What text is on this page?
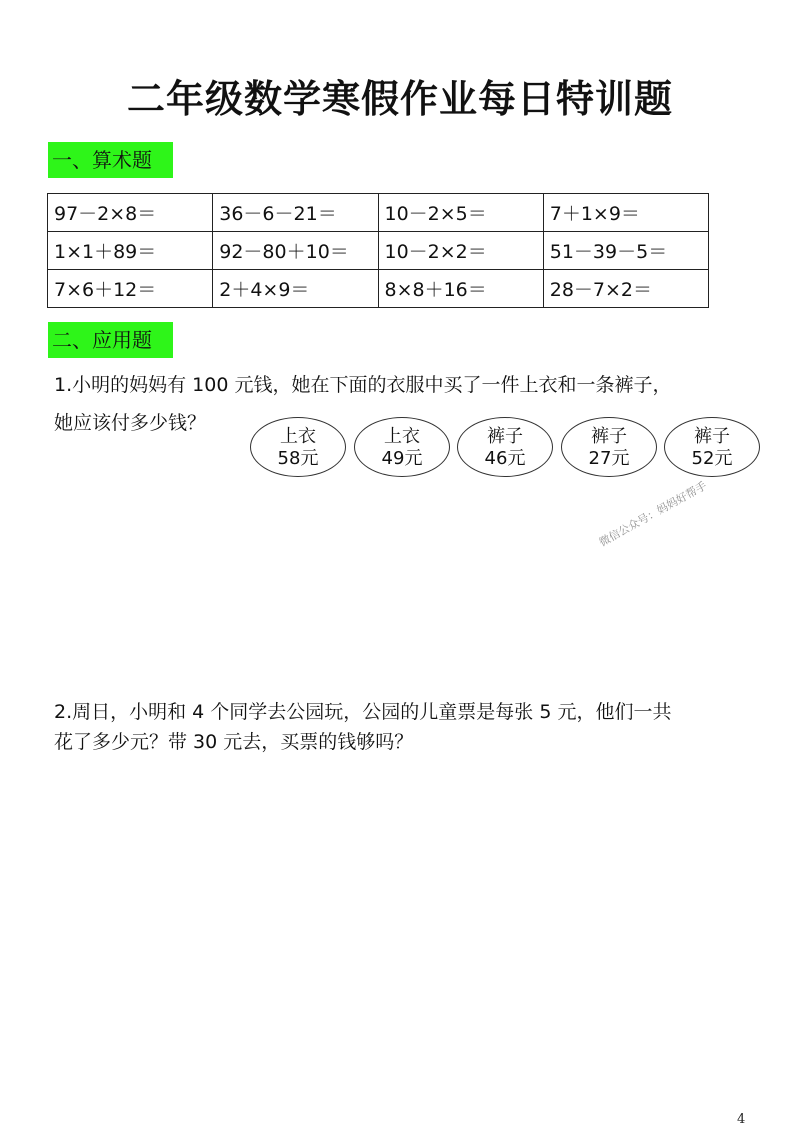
二年级数学寒假作业每日特训题
一、算术题
97－2×8＝	36－6－21＝	10－2×5＝	7＋1×9＝
1×1＋89＝	92－80＋10＝	10－2×2＝	51－39－5＝
7×6＋12＝	2＋4×9＝	8×8＋16＝	28－7×2＝
二、应用题
1.小明的妈妈有 100 元钱，她在下面的衣服中买了一件上衣和一条裤子，
她应该付多少钱？
上衣
58元
上衣
49元
裤子
46元
裤子
27元
裤子
52元
微信公众号：妈妈好帮手
2.周日，小明和 4 个同学去公园玩，公园的儿童票是每张 5 元，他们一共
花了多少元？带 30 元去，买票的钱够吗？
4
